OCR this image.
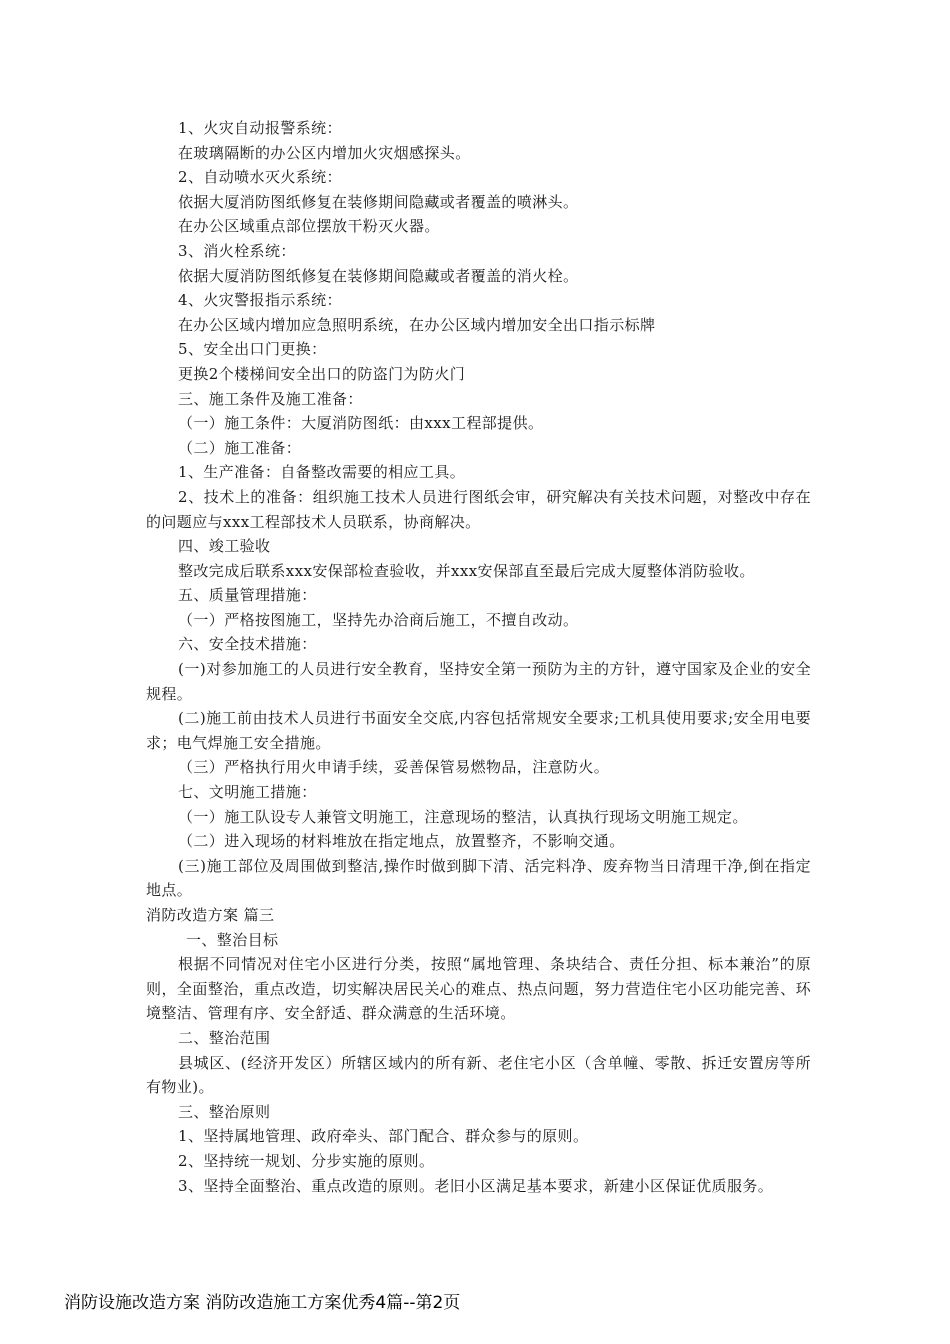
1、火灾自动报警系统：
在玻璃隔断的办公区内增加火灾烟感探头。
2、自动喷水灭火系统：
依据大厦消防图纸修复在装修期间隐藏或者覆盖的喷淋头。
在办公区域重点部位摆放干粉灭火器。
3、消火栓系统：
依据大厦消防图纸修复在装修期间隐藏或者覆盖的消火栓。
4、火灾警报指示系统：
在办公区域内增加应急照明系统，在办公区域内增加安全出口指示标牌
5、安全出口门更换：
更换2个楼梯间安全出口的防盗门为防火门
三、施工条件及施工准备：
（一）施工条件：大厦消防图纸：由xxx工程部提供。
（二）施工准备：
1、生产准备：自备整改需要的相应工具。
2、技术上的准备：组织施工技术人员进行图纸会审，研究解决有关技术问题，对整改中存在的问题应与xxx工程部技术人员联系，协商解决。
四、竣工验收
整改完成后联系xxx安保部检查验收，并xxx安保部直至最后完成大厦整体消防验收。
五、质量管理措施：
（一）严格按图施工，坚持先办洽商后施工，不擅自改动。
六、安全技术措施：
(一)对参加施工的人员进行安全教育，坚持安全第一预防为主的方针，遵守国家及企业的安全规程。
(二)施工前由技术人员进行书面安全交底,内容包括常规安全要求;工机具使用要求;安全用电要求；电气焊施工安全措施。
（三）严格执行用火申请手续，妥善保管易燃物品，注意防火。
七、文明施工措施：
（一）施工队设专人兼管文明施工，注意现场的整洁，认真执行现场文明施工规定。
（二）进入现场的材料堆放在指定地点，放置整齐，不影响交通。
(三)施工部位及周围做到整洁,操作时做到脚下清、活完料净、废弃物当日清理干净,倒在指定地点。
消防改造方案 篇三
一、整治目标
根据不同情况对住宅小区进行分类，按照“属地管理、条块结合、责任分担、标本兼治”的原则，全面整治，重点改造，切实解决居民关心的难点、热点问题，努力营造住宅小区功能完善、环境整洁、管理有序、安全舒适、群众满意的生活环境。
二、整治范围
县城区、(经济开发区）所辖区域内的所有新、老住宅小区（含单幢、零散、拆迁安置房等所有物业)。
三、整治原则
1、坚持属地管理、政府牵头、部门配合、群众参与的原则。
2、坚持统一规划、分步实施的原则。
3、坚持全面整治、重点改造的原则。老旧小区满足基本要求，新建小区保证优质服务。
消防设施改造方案 消防改造施工方案优秀4篇--第2页
